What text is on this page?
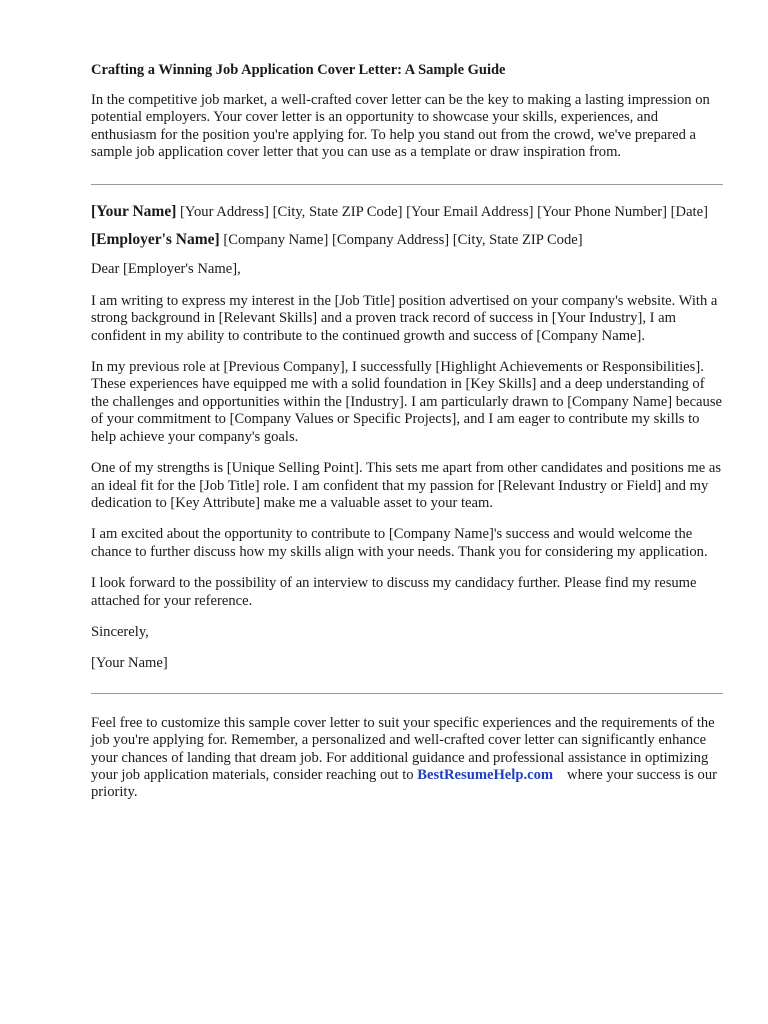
Crafting a Winning Job Application Cover Letter: A Sample Guide

In the competitive job market, a well-crafted cover letter can be the key to making a lasting impression on potential employers. Your cover letter is an opportunity to showcase your skills, experiences, and enthusiasm for the position you're applying for. To help you stand out from the crowd, we've prepared a sample job application cover letter that you can use as a template or draw inspiration from.

[Your Name] [Your Address] [City, State ZIP Code] [Your Email Address] [Your Phone Number] [Date]

[Employer's Name] [Company Name] [Company Address] [City, State ZIP Code]

Dear [Employer's Name],

I am writing to express my interest in the [Job Title] position advertised on your company's website. With a strong background in [Relevant Skills] and a proven track record of success in [Your Industry], I am confident in my ability to contribute to the continued growth and success of [Company Name].

In my previous role at [Previous Company], I successfully [Highlight Achievements or Responsibilities]. These experiences have equipped me with a solid foundation in [Key Skills] and a deep understanding of the challenges and opportunities within the [Industry]. I am particularly drawn to [Company Name] because of your commitment to [Company Values or Specific Projects], and I am eager to contribute my skills to help achieve your company's goals.

One of my strengths is [Unique Selling Point]. This sets me apart from other candidates and positions me as an ideal fit for the [Job Title] role. I am confident that my passion for [Relevant Industry or Field] and my dedication to [Key Attribute] make me a valuable asset to your team.

I am excited about the opportunity to contribute to [Company Name]'s success and would welcome the chance to further discuss how my skills align with your needs. Thank you for considering my application.

I look forward to the possibility of an interview to discuss my candidacy further. Please find my resume attached for your reference.

Sincerely,

[Your Name]

Feel free to customize this sample cover letter to suit your specific experiences and the requirements of the job you're applying for. Remember, a personalized and well-crafted cover letter can significantly enhance your chances of landing that dream job. For additional guidance and professional assistance in optimizing your job application materials, consider reaching out to BestResumeHelp.com where your success is our priority.
